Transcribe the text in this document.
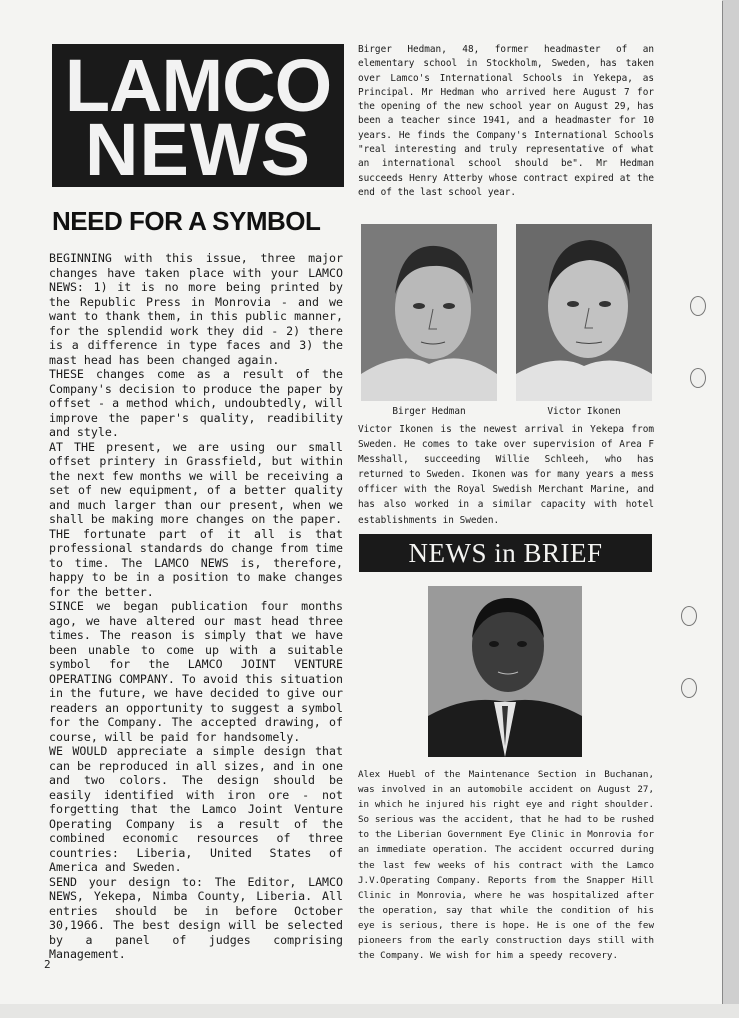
LAMCO
NEWS
NEED FOR A SYMBOL

BEGINNING with this issue, three major changes have taken place with your LAMCO NEWS: 1) it is no more being printed by the Republic Press in Monrovia - and we want to thank them, in this public manner, for the splendid work they did - 2) there is a difference in type faces and 3) the mast head has been changed again.

THESE changes come as a result of the Company's decision to produce the paper by offset - a method which, undoubtedly, will improve the paper's quality, readibility and style.

AT THE present, we are using our small offset printery in Grassfield, but within the next few months we will be receiving a set of new equipment, of a better quality and much larger than our present, when we shall be making more changes on the paper.

THE fortunate part of it all is that professional standards do change from time to time. The LAMCO NEWS is, therefore, happy to be in a position to make changes for the better.

SINCE we began publication four months ago, we have altered our mast head three times. The reason is simply that we have been unable to come up with a suitable symbol for the LAMCO JOINT VENTURE OPERATING COMPANY. To avoid this situation in the future, we have decided to give our readers an opportunity to suggest a symbol for the Company. The accepted drawing, of course, will be paid for handsomely.

WE WOULD appreciate a simple design that can be reproduced in all sizes, and in one and two colors. The design should be easily identified with iron ore - not forgetting that the Lamco Joint Venture Operating Company is a result of the combined economic resources of three countries: Liberia, United States of America and Sweden.

SEND your design to: The Editor, LAMCO NEWS, Yekepa, Nimba County, Liberia. All entries should be in before October 30,1966. The best design will be selected by a panel of judges comprising Management.

Birger Hedman, 48, former headmaster of an elementary school in Stockholm, Sweden, has taken over Lamco's International Schools in Yekepa, as Principal. Mr Hedman who arrived here August 7 for the opening of the new school year on August 29, has been a teacher since 1941, and a headmaster for 10 years. He finds the Company's International Schools "real interesting and truly representative of what an international school should be". Mr Hedman succeeds Henry Atterby whose contract expired at the end of the last school year.
Birger Hedman	Victor Ikonen
Victor Ikonen is the newest arrival in Yekepa from Sweden. He comes to take over supervision of Area F Messhall, succeeding Willie Schleeh, who has returned to Sweden. Ikonen was for many years a mess officer with the Royal Swedish Merchant Marine, and has also worked in a similar capacity with hotel establishments in Sweden.
NEWS in BRIEF
Alex Huebl of the Maintenance Section in Buchanan, was involved in an automobile accident on August 27, in which he injured his right eye and right shoulder. So serious was the accident, that he had to be rushed to the Liberian Government Eye Clinic in Monrovia for an immediate operation. The accident occurred during the last few weeks of his contract with the Lamco J.V.Operating Company. Reports from the Snapper Hill Clinic in Monrovia, where he was hospitalized after the operation, say that while the condition of his eye is serious, there is hope. He is one of the few pioneers from the early construction days still with the Company. We wish for him a speedy recovery.
2
